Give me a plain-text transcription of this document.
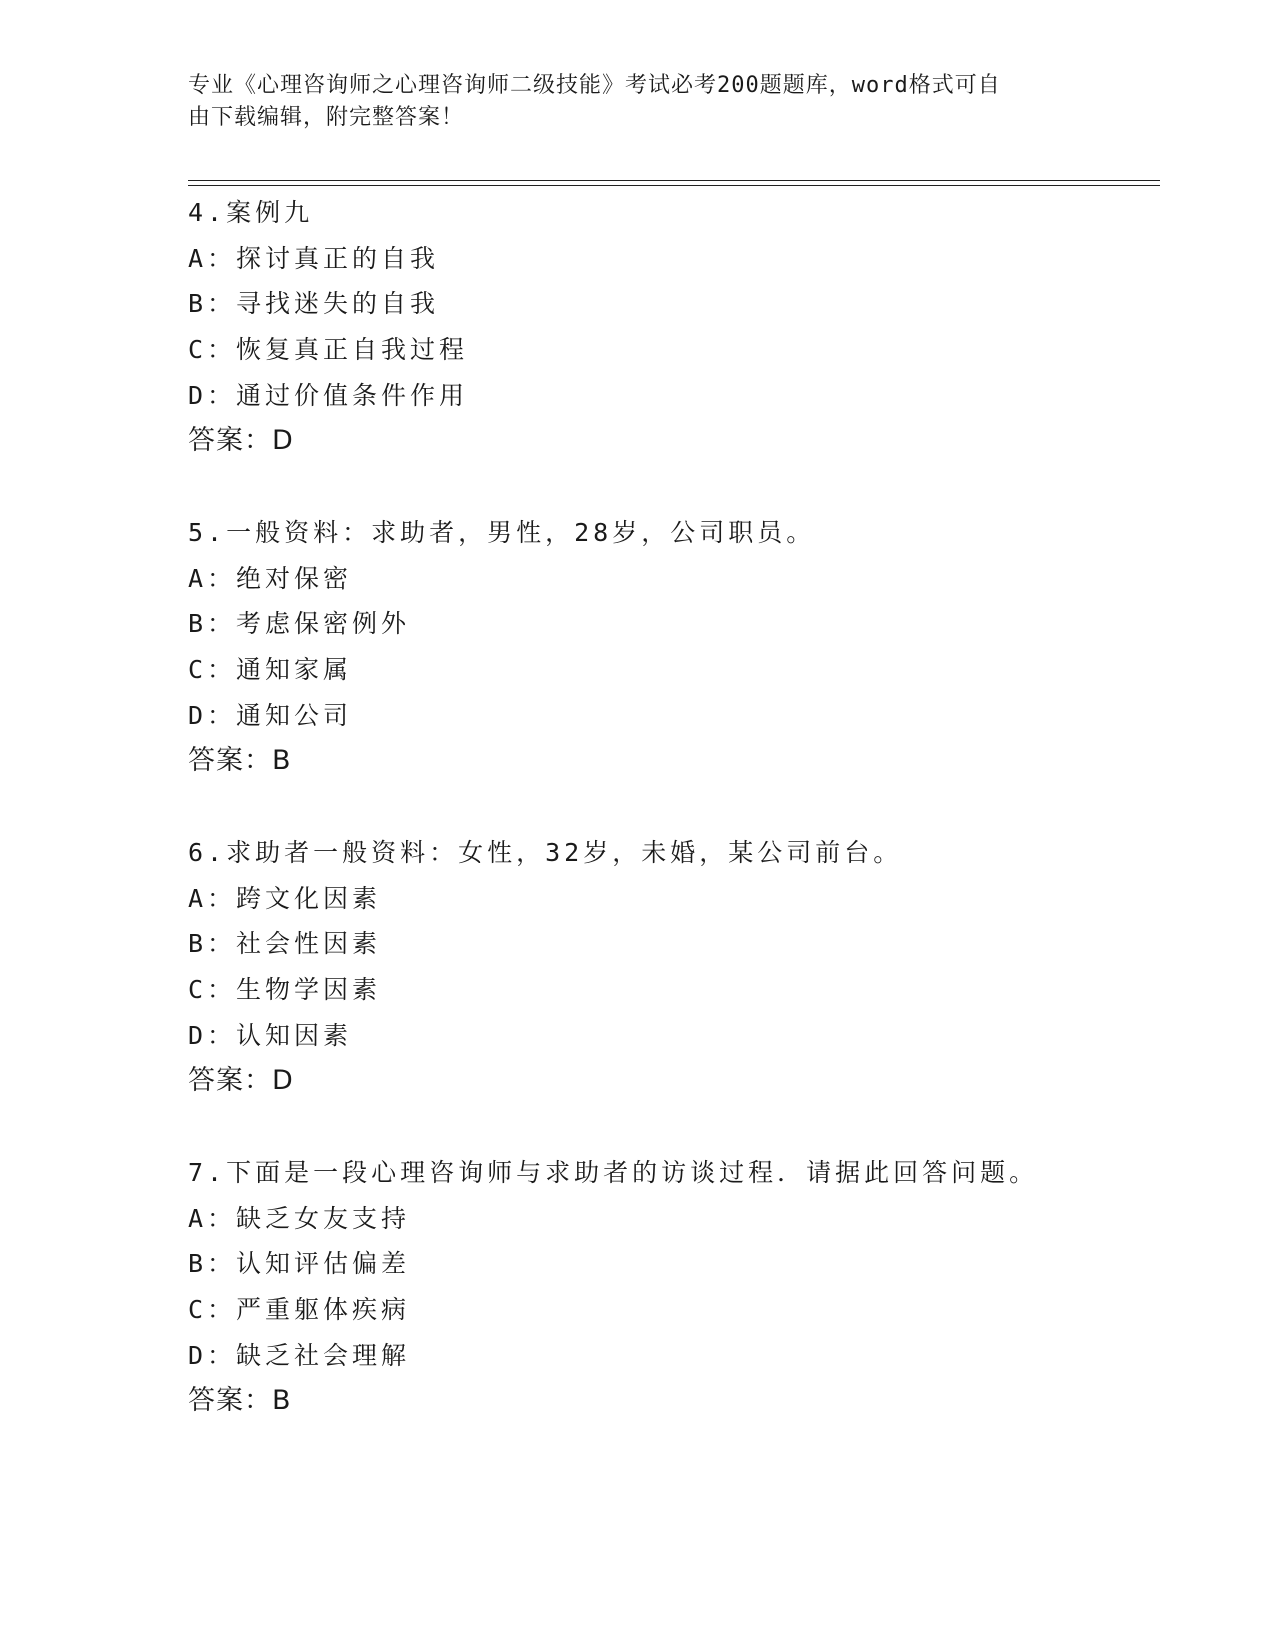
专业《心理咨询师之心理咨询师二级技能》考试必考200题题库，word格式可自
由下载编辑，附完整答案！
4.案例九
A：探讨真正的自我
B：寻找迷失的自我
C：恢复真正自我过程
D：通过价值条件作用
答案：D
5.一般资料：求助者，男性，28岁，公司职员。
A：绝对保密
B：考虑保密例外
C：通知家属
D：通知公司
答案：B
6.求助者一般资料：女性，32岁，未婚，某公司前台。
A：跨文化因素
B：社会性因素
C：生物学因素
D：认知因素
答案：D
7.下面是一段心理咨询师与求助者的访谈过程．请据此回答问题。
A：缺乏女友支持
B：认知评估偏差
C：严重躯体疾病
D：缺乏社会理解
答案：B
